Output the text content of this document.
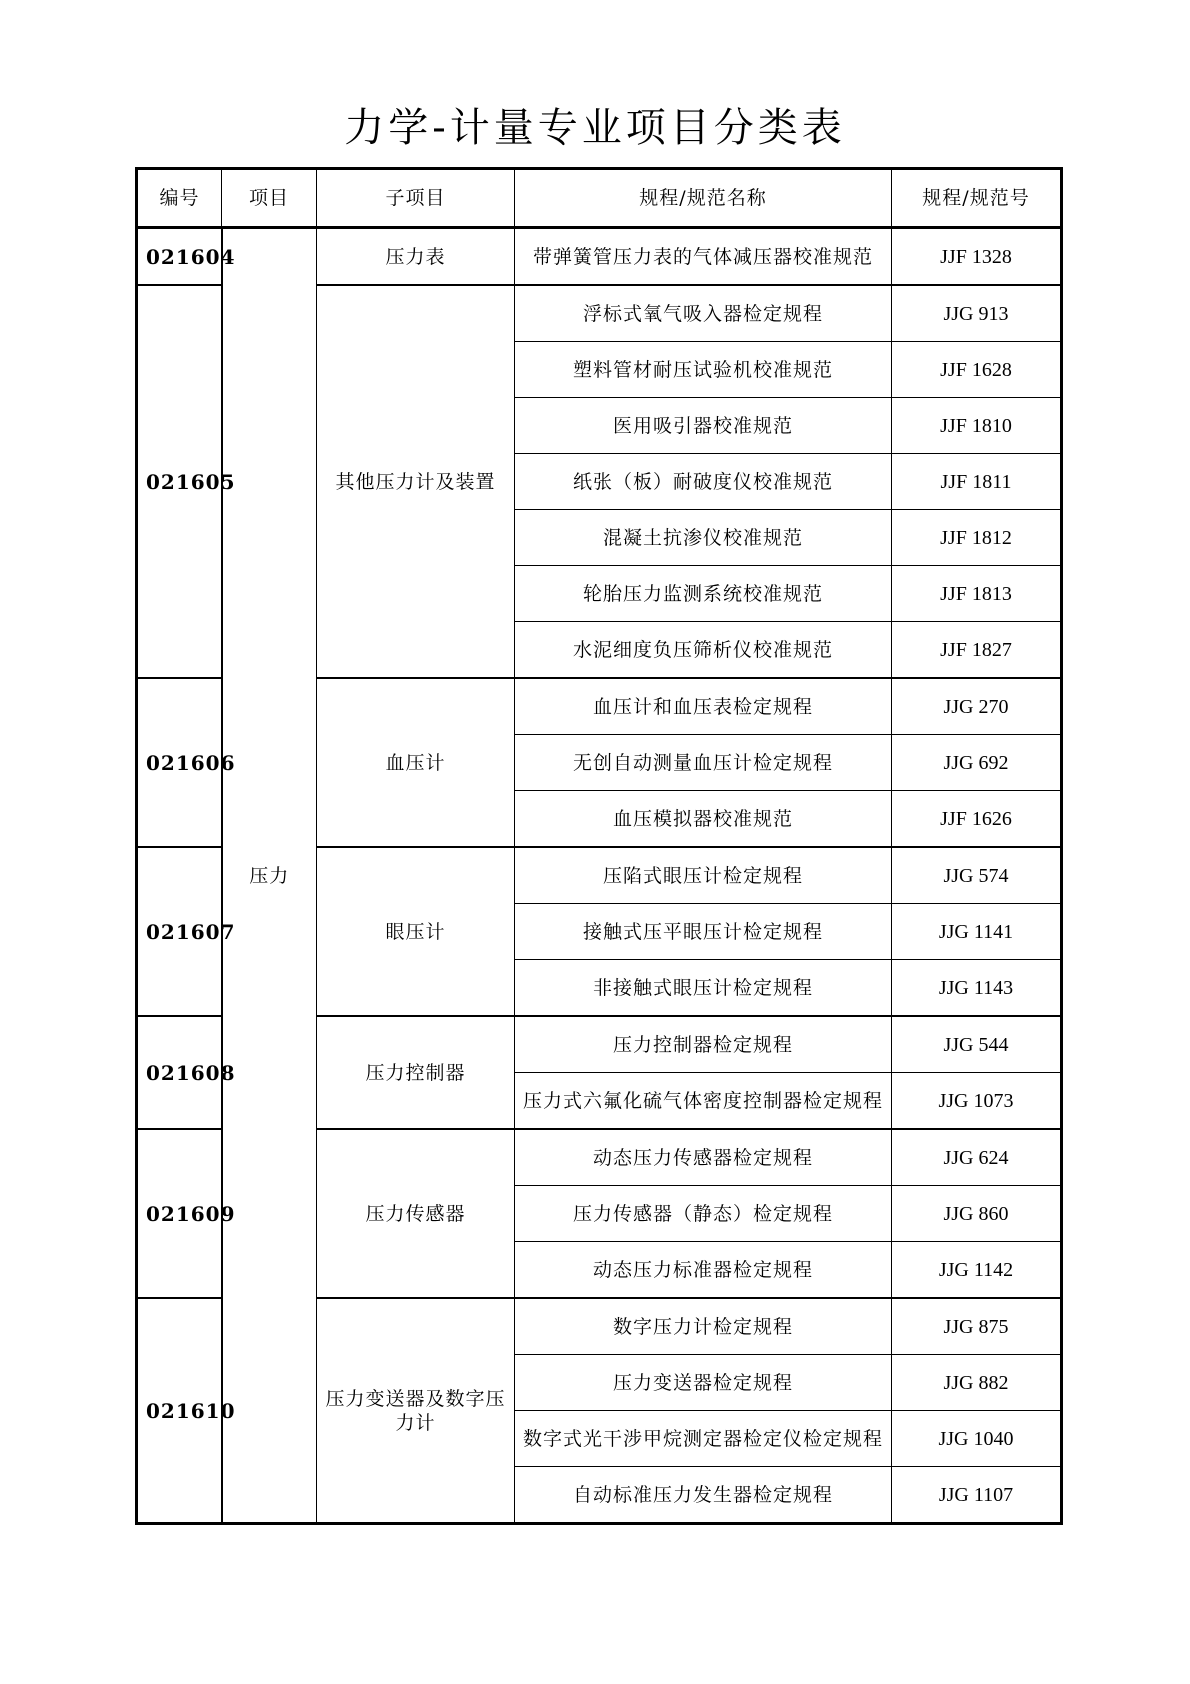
力学-计量专业项目分类表
编号	项目	子项目	规程/规范名称	规程/规范号
021604	压力	压力表	带弹簧管压力表的气体减压器校准规范	JJF 1328
021605		其他压力计及装置	浮标式氧气吸入器检定规程	JJG 913
			塑料管材耐压试验机校准规范	JJF 1628
			医用吸引器校准规范	JJF 1810
			纸张（板）耐破度仪校准规范	JJF 1811
			混凝土抗渗仪校准规范	JJF 1812
			轮胎压力监测系统校准规范	JJF 1813
			水泥细度负压筛析仪校准规范	JJF 1827
021606		血压计	血压计和血压表检定规程	JJG 270
			无创自动测量血压计检定规程	JJG 692
			血压模拟器校准规范	JJF 1626
021607		眼压计	压陷式眼压计检定规程	JJG 574
			接触式压平眼压计检定规程	JJG 1141
			非接触式眼压计检定规程	JJG 1143
021608		压力控制器	压力控制器检定规程	JJG 544
			压力式六氟化硫气体密度控制器检定规程	JJG 1073
021609		压力传感器	动态压力传感器检定规程	JJG 624
			压力传感器（静态）检定规程	JJG 860
			动态压力标准器检定规程	JJG 1142
021610		压力变送器及数字压力计	数字压力计检定规程	JJG 875
			压力变送器检定规程	JJG 882
			数字式光干涉甲烷测定器检定仪检定规程	JJG 1040
			自动标准压力发生器检定规程	JJG 1107
